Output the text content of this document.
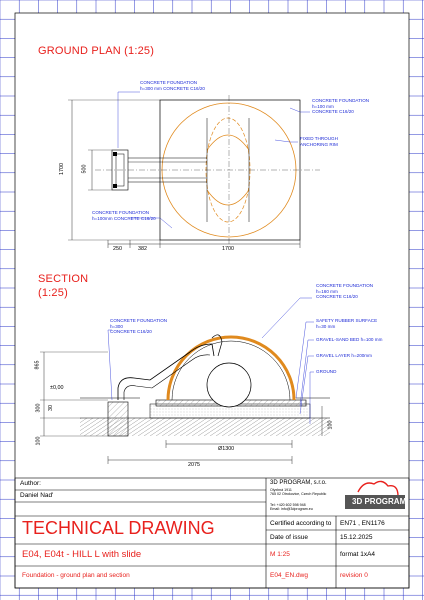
GROUND PLAN (1:25)
CONCRETE FOUNDATION
h=300 mm CONCRETE C16/20
CONCRETE FOUNDATION
h=100 mm
CONCRETE C16/20
FIXED THROUGH
ANCHORING RIM
CONCRETE FOUNDATION
h=100mm CONCRETE C16/20
1700	500
250	382	1700
SECTION
(1:25)
CONCRETE FOUNDATION
h=300
CONCRETE C16/20
CONCRETE FOUNDATION
h=160 mm
CONCRETE C16/20
SAFETY RUBBER SURFACE
h=30 mm
GRAVEL-SAND BED h=100 mm
GRAVEL LAYER h=200mm
GROUND
865
±0,00
300 30
100
100
Ø1300
2075
Author:
Daniel Nad'
3D PROGRAM, s.r.o.
Olyxbná 1911
765 02 Otrokovice, Czech Republic
Tel: +420 602 598 948
Email: info@3dprogram.eu
3D PROGRAM
TECHNICAL DRAWING	Certified according to EN71 , EN1176
Date of issue	15.12.2025
E04, E04t - HILL L with slide	M 1:25	format 1xA4
Foundation - ground plan and section	E04_EN.dwg	revision 0
